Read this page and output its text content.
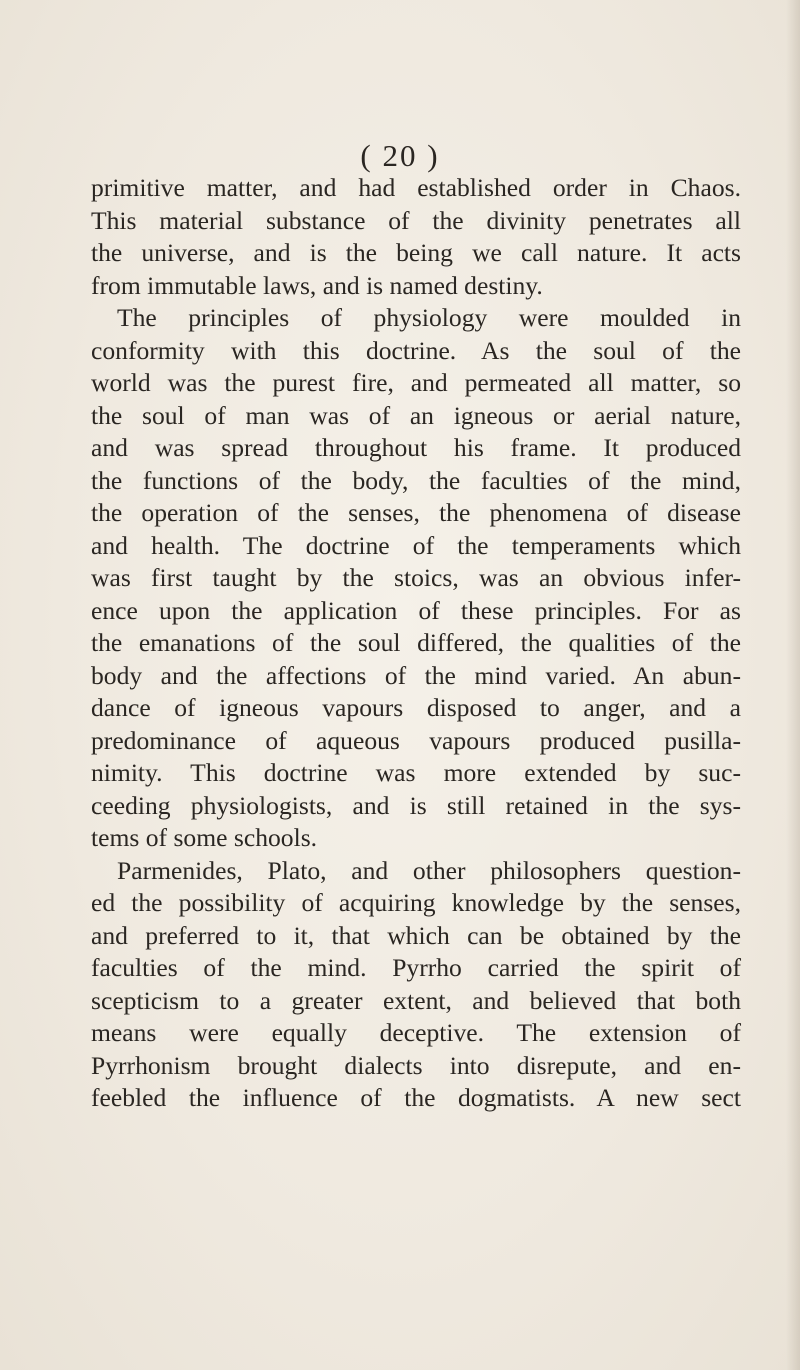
( 20 )
primitive matter, and had established order in Chaos.
This material substance of the divinity penetrates all
the universe, and is the being we call nature. It acts
from immutable laws, and is named destiny.
The principles of physiology were moulded in
conformity with this doctrine. As the soul of the
world was the purest fire, and permeated all matter, so
the soul of man was of an igneous or aerial nature,
and was spread throughout his frame. It produced
the functions of the body, the faculties of the mind,
the operation of the senses, the phenomena of disease
and health. The doctrine of the temperaments which
was first taught by the stoics, was an obvious infer-
ence upon the application of these principles. For as
the emanations of the soul differed, the qualities of the
body and the affections of the mind varied. An abun-
dance of igneous vapours disposed to anger, and a
predominance of aqueous vapours produced pusilla-
nimity. This doctrine was more extended by suc-
ceeding physiologists, and is still retained in the sys-
tems of some schools.
Parmenides, Plato, and other philosophers question-
ed the possibility of acquiring knowledge by the senses,
and preferred to it, that which can be obtained by the
faculties of the mind. Pyrrho carried the spirit of
scepticism to a greater extent, and believed that both
means were equally deceptive. The extension of
Pyrrhonism brought dialects into disrepute, and en-
feebled the influence of the dogmatists. A new sect
